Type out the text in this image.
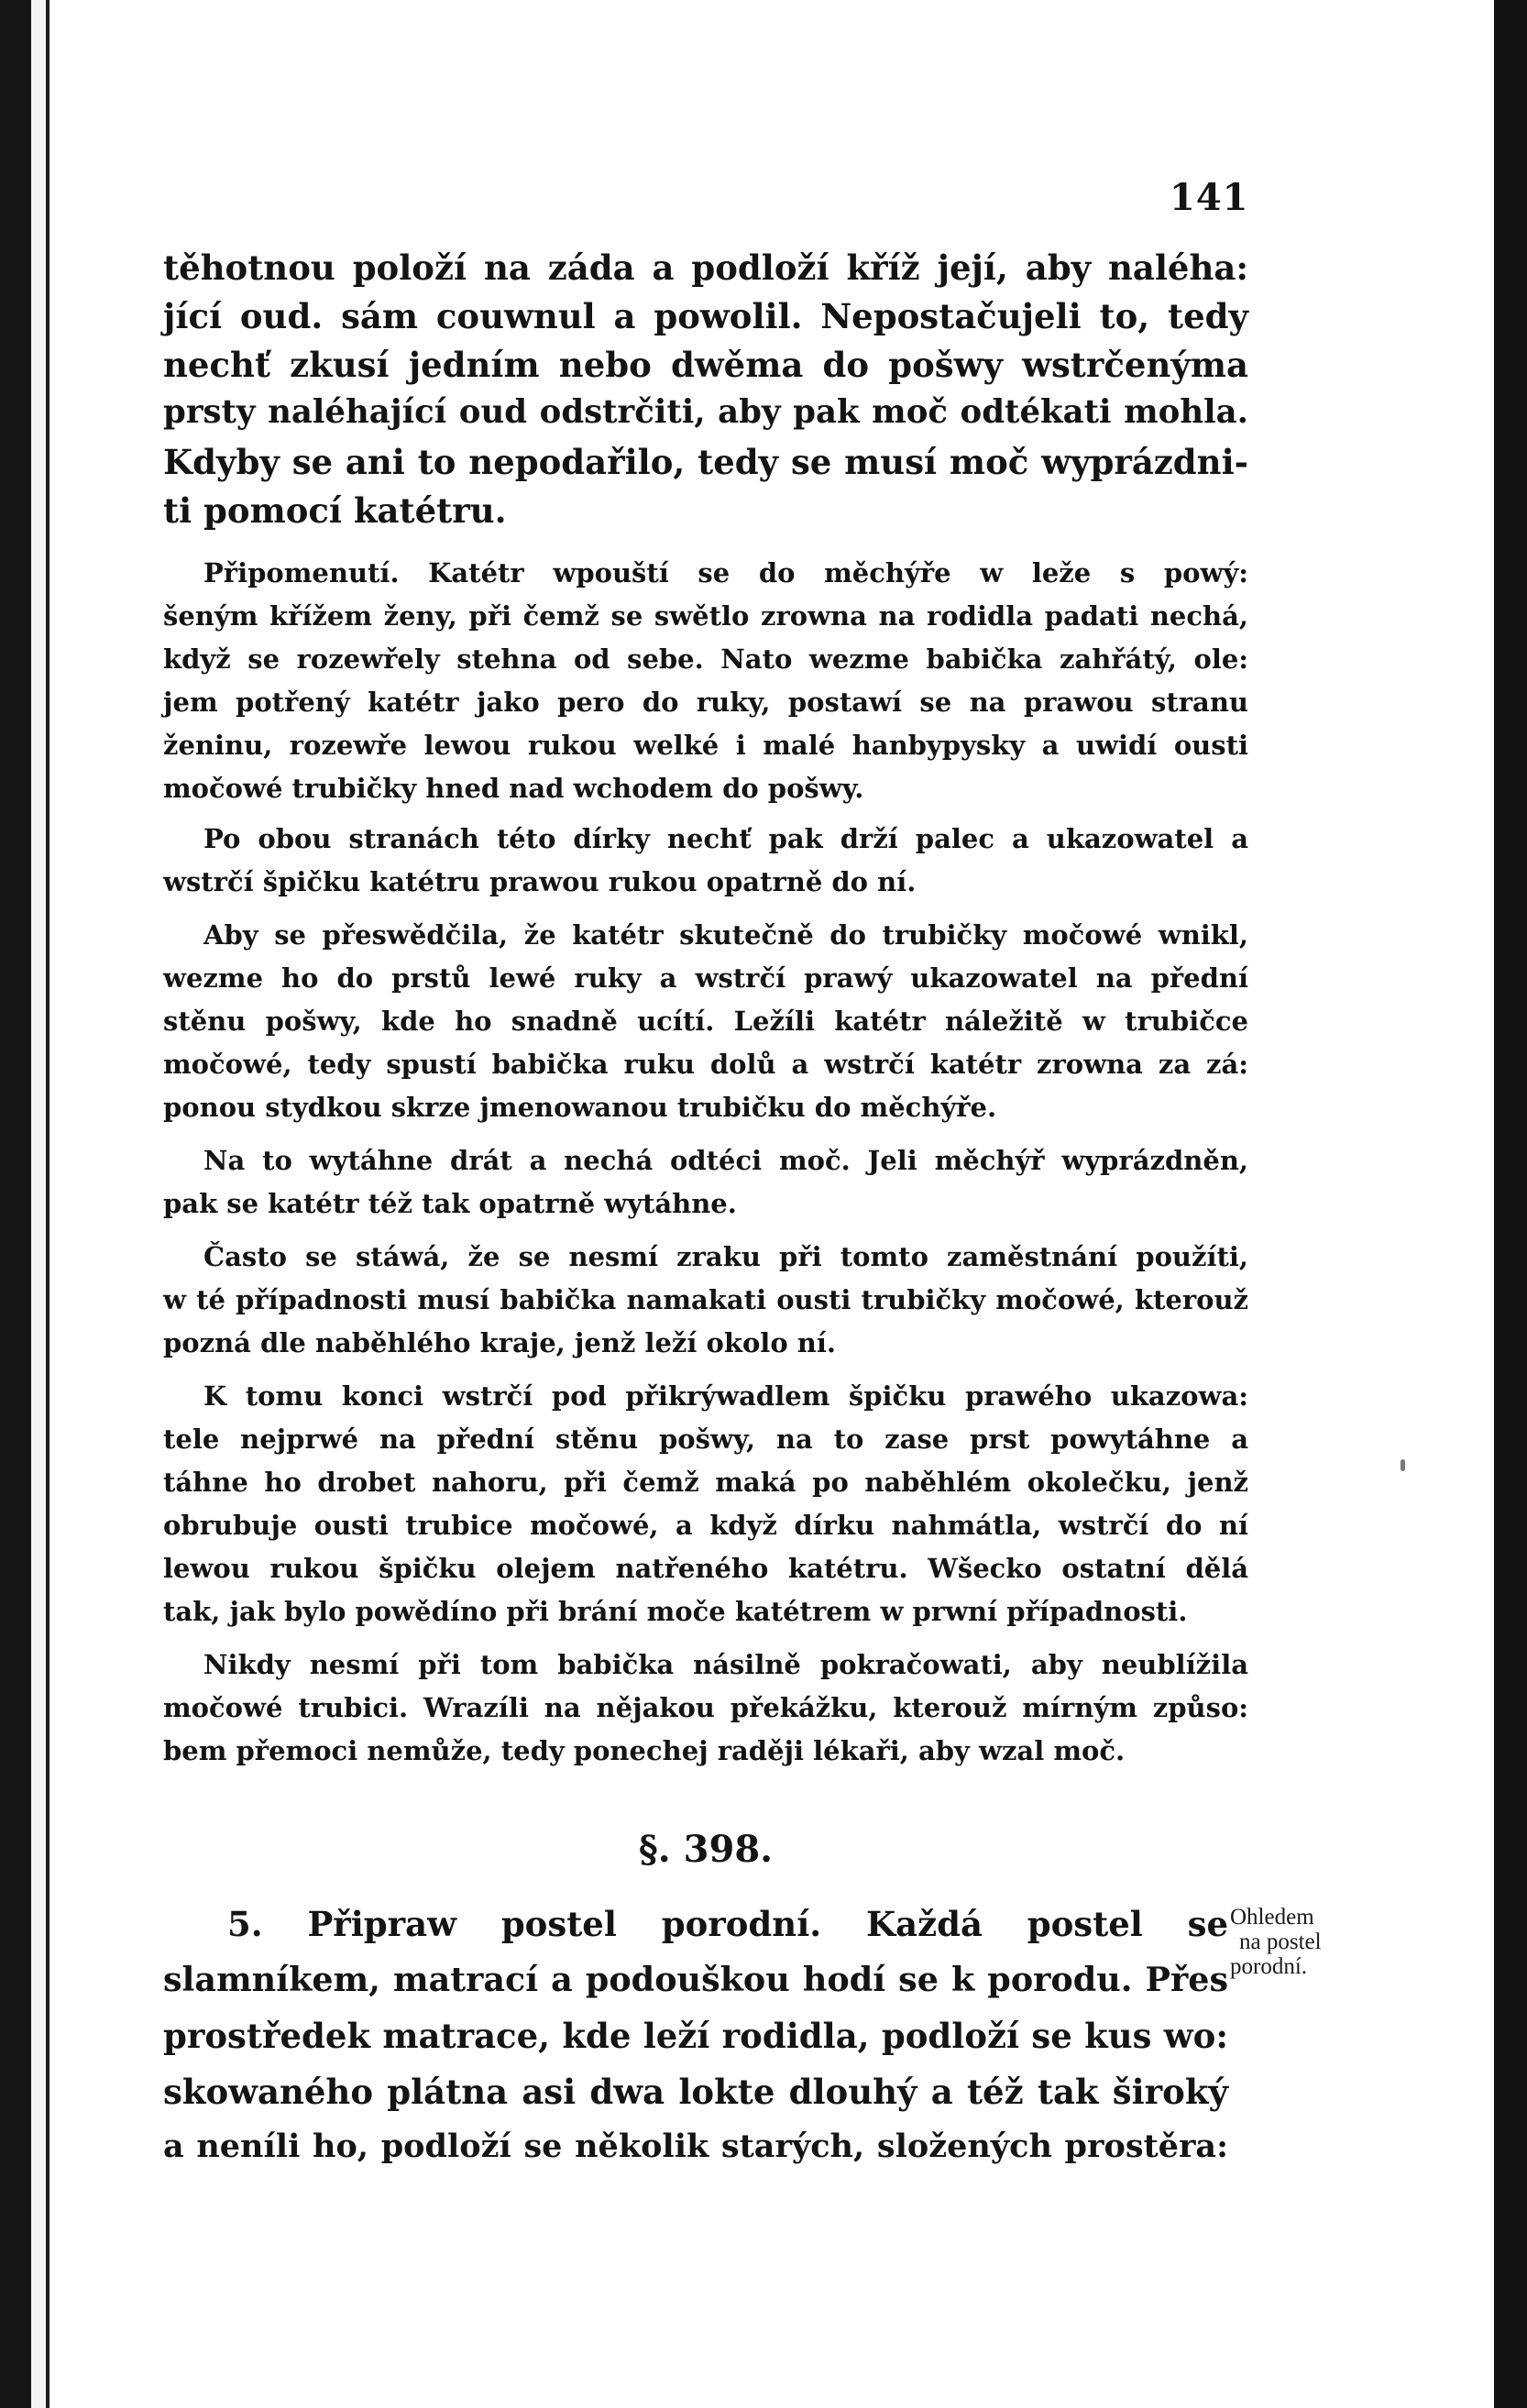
141
těhotnou položí na záda a podloží kříž její, aby naléha:
jící oud. sám couwnul a powolil. Nepostačujeli to, tedy
nechť zkusí jedním nebo dwěma do pošwy wstrčenýma
prsty naléhající oud odstrčiti, aby pak moč odtékati mohla.
Kdyby se ani to nepodařilo, tedy se musí moč wyprázdni-
ti pomocí katétru.
Připomenutí. Katétr wpouští se do měchýře w leže s powý:
šeným křížem ženy, při čemž se swětlo zrowna na rodidla padati nechá,
když se rozewřely stehna od sebe. Nato wezme babička zahřátý, ole:
jem potřený katétr jako pero do ruky, postawí se na prawou stranu
ženinu, rozewře lewou rukou welké i malé hanbypysky a uwidí ousti
močowé trubičky hned nad wchodem do pošwy.
Po obou stranách této dírky nechť pak drží palec a ukazowatel a
wstrčí špičku katétru prawou rukou opatrně do ní.
Aby se přeswědčila, že katétr skutečně do trubičky močowé wnikl,
wezme ho do prstů lewé ruky a wstrčí prawý ukazowatel na přední
stěnu pošwy, kde ho snadně ucítí. Ležíli katétr náležitě w trubičce
močowé, tedy spustí babička ruku dolů a wstrčí katétr zrowna za zá:
ponou stydkou skrze jmenowanou trubičku do měchýře.
Na to wytáhne drát a nechá odtéci moč. Jeli měchýř wyprázdněn,
pak se katétr též tak opatrně wytáhne.
Často se stáwá, že se nesmí zraku při tomto zaměstnání použíti,
w té případnosti musí babička namakati ousti trubičky močowé, kterouž
pozná dle naběhlého kraje, jenž leží okolo ní.
K tomu konci wstrčí pod přikrýwadlem špičku prawého ukazowa:
tele nejprwé na přední stěnu pošwy, na to zase prst powytáhne a
táhne ho drobet nahoru, při čemž maká po naběhlém okolečku, jenž
obrubuje ousti trubice močowé, a když dírku nahmátla, wstrčí do ní
lewou rukou špičku olejem natřeného katétru. Wšecko ostatní dělá
tak, jak bylo powědíno při brání moče katétrem w prwní případnosti.
Nikdy nesmí při tom babička násilně pokračowati, aby neublížila
močowé trubici. Wrazíli na nějakou překážku, kterouž mírným způso:
bem přemoci nemůže, tedy ponechej raději lékaři, aby wzal moč.
§. 398.
5. Připraw postel porodní. Každá postel se
slamníkem, matrací a podouškou hodí se k porodu. Přes
prostředek matrace, kde leží rodidla, podloží se kus wo:
skowaného plátna asi dwa lokte dlouhý a též tak široký
a neníli ho, podloží se několik starých, složených prostěra:
Ohledem
na postel
porodní.
